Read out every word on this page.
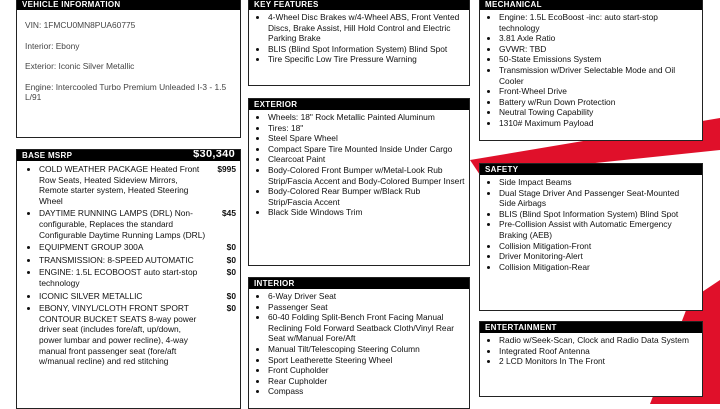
VEHICLE INFORMATION
VIN: 1FMCU0MN8PUA60775
Interior: Ebony
Exterior: Iconic Silver Metallic
Engine: Intercooled Turbo Premium Unleaded I-3 - 1.5 L/91
BASE MSRP	$30,340
• COLD WEATHER PACKAGE Heated Front Row Seats, Heated Sideview Mirrors, Remote starter system, Heated Steering Wheel
$995
• DAYTIME RUNNING LAMPS (DRL) Non-configurable, Replaces the standard Configurable Daytime Running Lamps (DRL)
$45
• EQUIPMENT GROUP 300A	$0
• TRANSMISSION: 8-SPEED AUTOMATIC	$0
• ENGINE: 1.5L ECOBOOST auto start-stop technology
$0
• ICONIC SILVER METALLIC	$0
• EBONY, VINYL/CLOTH FRONT SPORT CONTOUR BUCKET SEATS 8-way power driver seat (includes fore/aft, up/down, power lumbar and power recline), 4-way manual front passenger seat (fore/aft w/manual recline) and red stitching
$0
KEY FEATURES
• 4-Wheel Disc Brakes w/4-Wheel ABS, Front Vented Discs, Brake Assist, Hill Hold Control and Electric Parking Brake
• BLIS (Blind Spot Information System) Blind Spot
• Tire Specific Low Tire Pressure Warning
EXTERIOR
• Wheels: 18" Rock Metallic Painted Aluminum
• Tires: 18"
• Steel Spare Wheel
• Compact Spare Tire Mounted Inside Under Cargo
• Clearcoat Paint
• Body-Colored Front Bumper w/Metal-Look Rub Strip/Fascia Accent and Body-Colored Bumper Insert
• Body-Colored Rear Bumper w/Black Rub Strip/Fascia Accent
• Black Side Windows Trim
INTERIOR
• 6-Way Driver Seat
• Passenger Seat
• 60-40 Folding Split-Bench Front Facing Manual Reclining Fold Forward Seatback Cloth/Vinyl Rear Seat w/Manual Fore/Aft
• Manual Tilt/Telescoping Steering Column
• Sport Leatherette Steering Wheel
• Front Cupholder
• Rear Cupholder
• Compass
MECHANICAL
• Engine: 1.5L EcoBoost -inc: auto start-stop technology
• 3.81 Axle Ratio
• GVWR: TBD
• 50-State Emissions System
• Transmission w/Driver Selectable Mode and Oil Cooler
• Front-Wheel Drive
• Battery w/Run Down Protection
• Neutral Towing Capability
• 1310# Maximum Payload
SAFETY
• Side Impact Beams
• Dual Stage Driver And Passenger Seat-Mounted Side Airbags
• BLIS (Blind Spot Information System) Blind Spot
• Pre-Collision Assist with Automatic Emergency Braking (AEB)
• Collision Mitigation-Front
• Driver Monitoring-Alert
• Collision Mitigation-Rear
ENTERTAINMENT
• Radio w/Seek-Scan, Clock and Radio Data System
• Integrated Roof Antenna
• 2 LCD Monitors In The Front
